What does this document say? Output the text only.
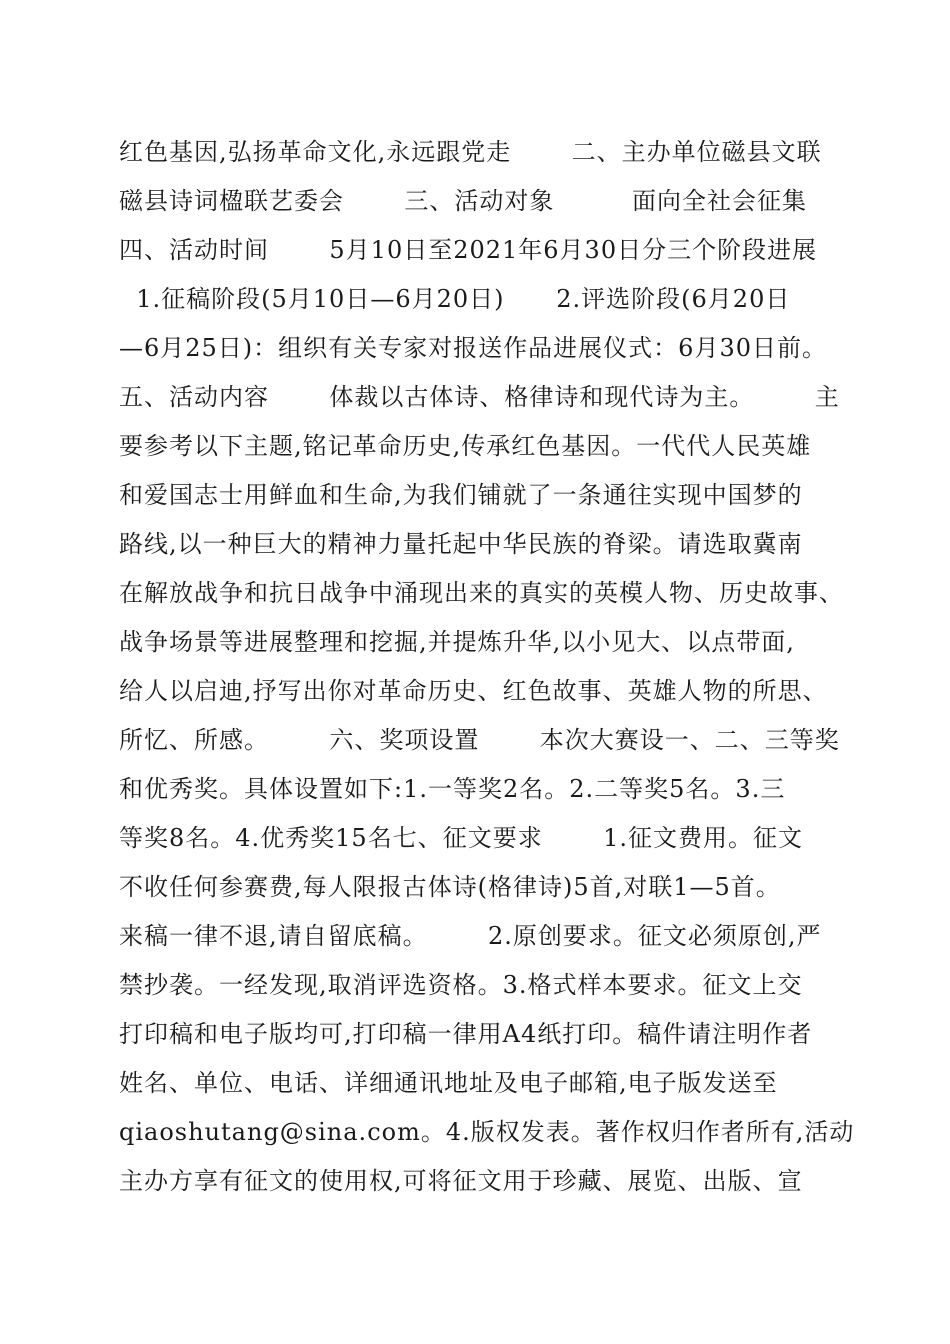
红色基因,弘扬革命文化,永远跟党走       二、主办单位磁县文联
磁县诗词楹联艺委会       三、活动对象         面向全社会征集
四、活动时间       5月10日至2021年6月30日分三个阶段进展
1.征稿阶段(5月10日—6月20日)      2.评选阶段(6月20日
—6月25日)：组织有关专家对报送作品进展仪式：6月30日前。
五、活动内容       体裁以古体诗、格律诗和现代诗为主。       主
要参考以下主题,铭记革命历史,传承红色基因。一代代人民英雄
和爱国志士用鲜血和生命,为我们铺就了一条通往实现中国梦的
路线,以一种巨大的精神力量托起中华民族的脊梁。请选取冀南
在解放战争和抗日战争中涌现出来的真实的英模人物、历史故事、
战争场景等进展整理和挖掘,并提炼升华,以小见大、以点带面,
给人以启迪,抒写出你对革命历史、红色故事、英雄人物的所思、
所忆、所感。       六、奖项设置       本次大赛设一、二、三等奖
和优秀奖。具体设置如下:1.一等奖2名。2.二等奖5名。3.三
等奖8名。4.优秀奖15名七、征文要求       1.征文费用。征文
不收任何参赛费,每人限报古体诗(格律诗)5首,对联1—5首。
来稿一律不退,请自留底稿。       2.原创要求。征文必须原创,严
禁抄袭。一经发现,取消评选资格。3.格式样本要求。征文上交
打印稿和电子版均可,打印稿一律用A4纸打印。稿件请注明作者
姓名、单位、电话、详细通讯地址及电子邮箱,电子版发送至
qiaoshutang@sina.com。4.版权发表。著作权归作者所有,活动
主办方享有征文的使用权,可将征文用于珍藏、展览、出版、宣
